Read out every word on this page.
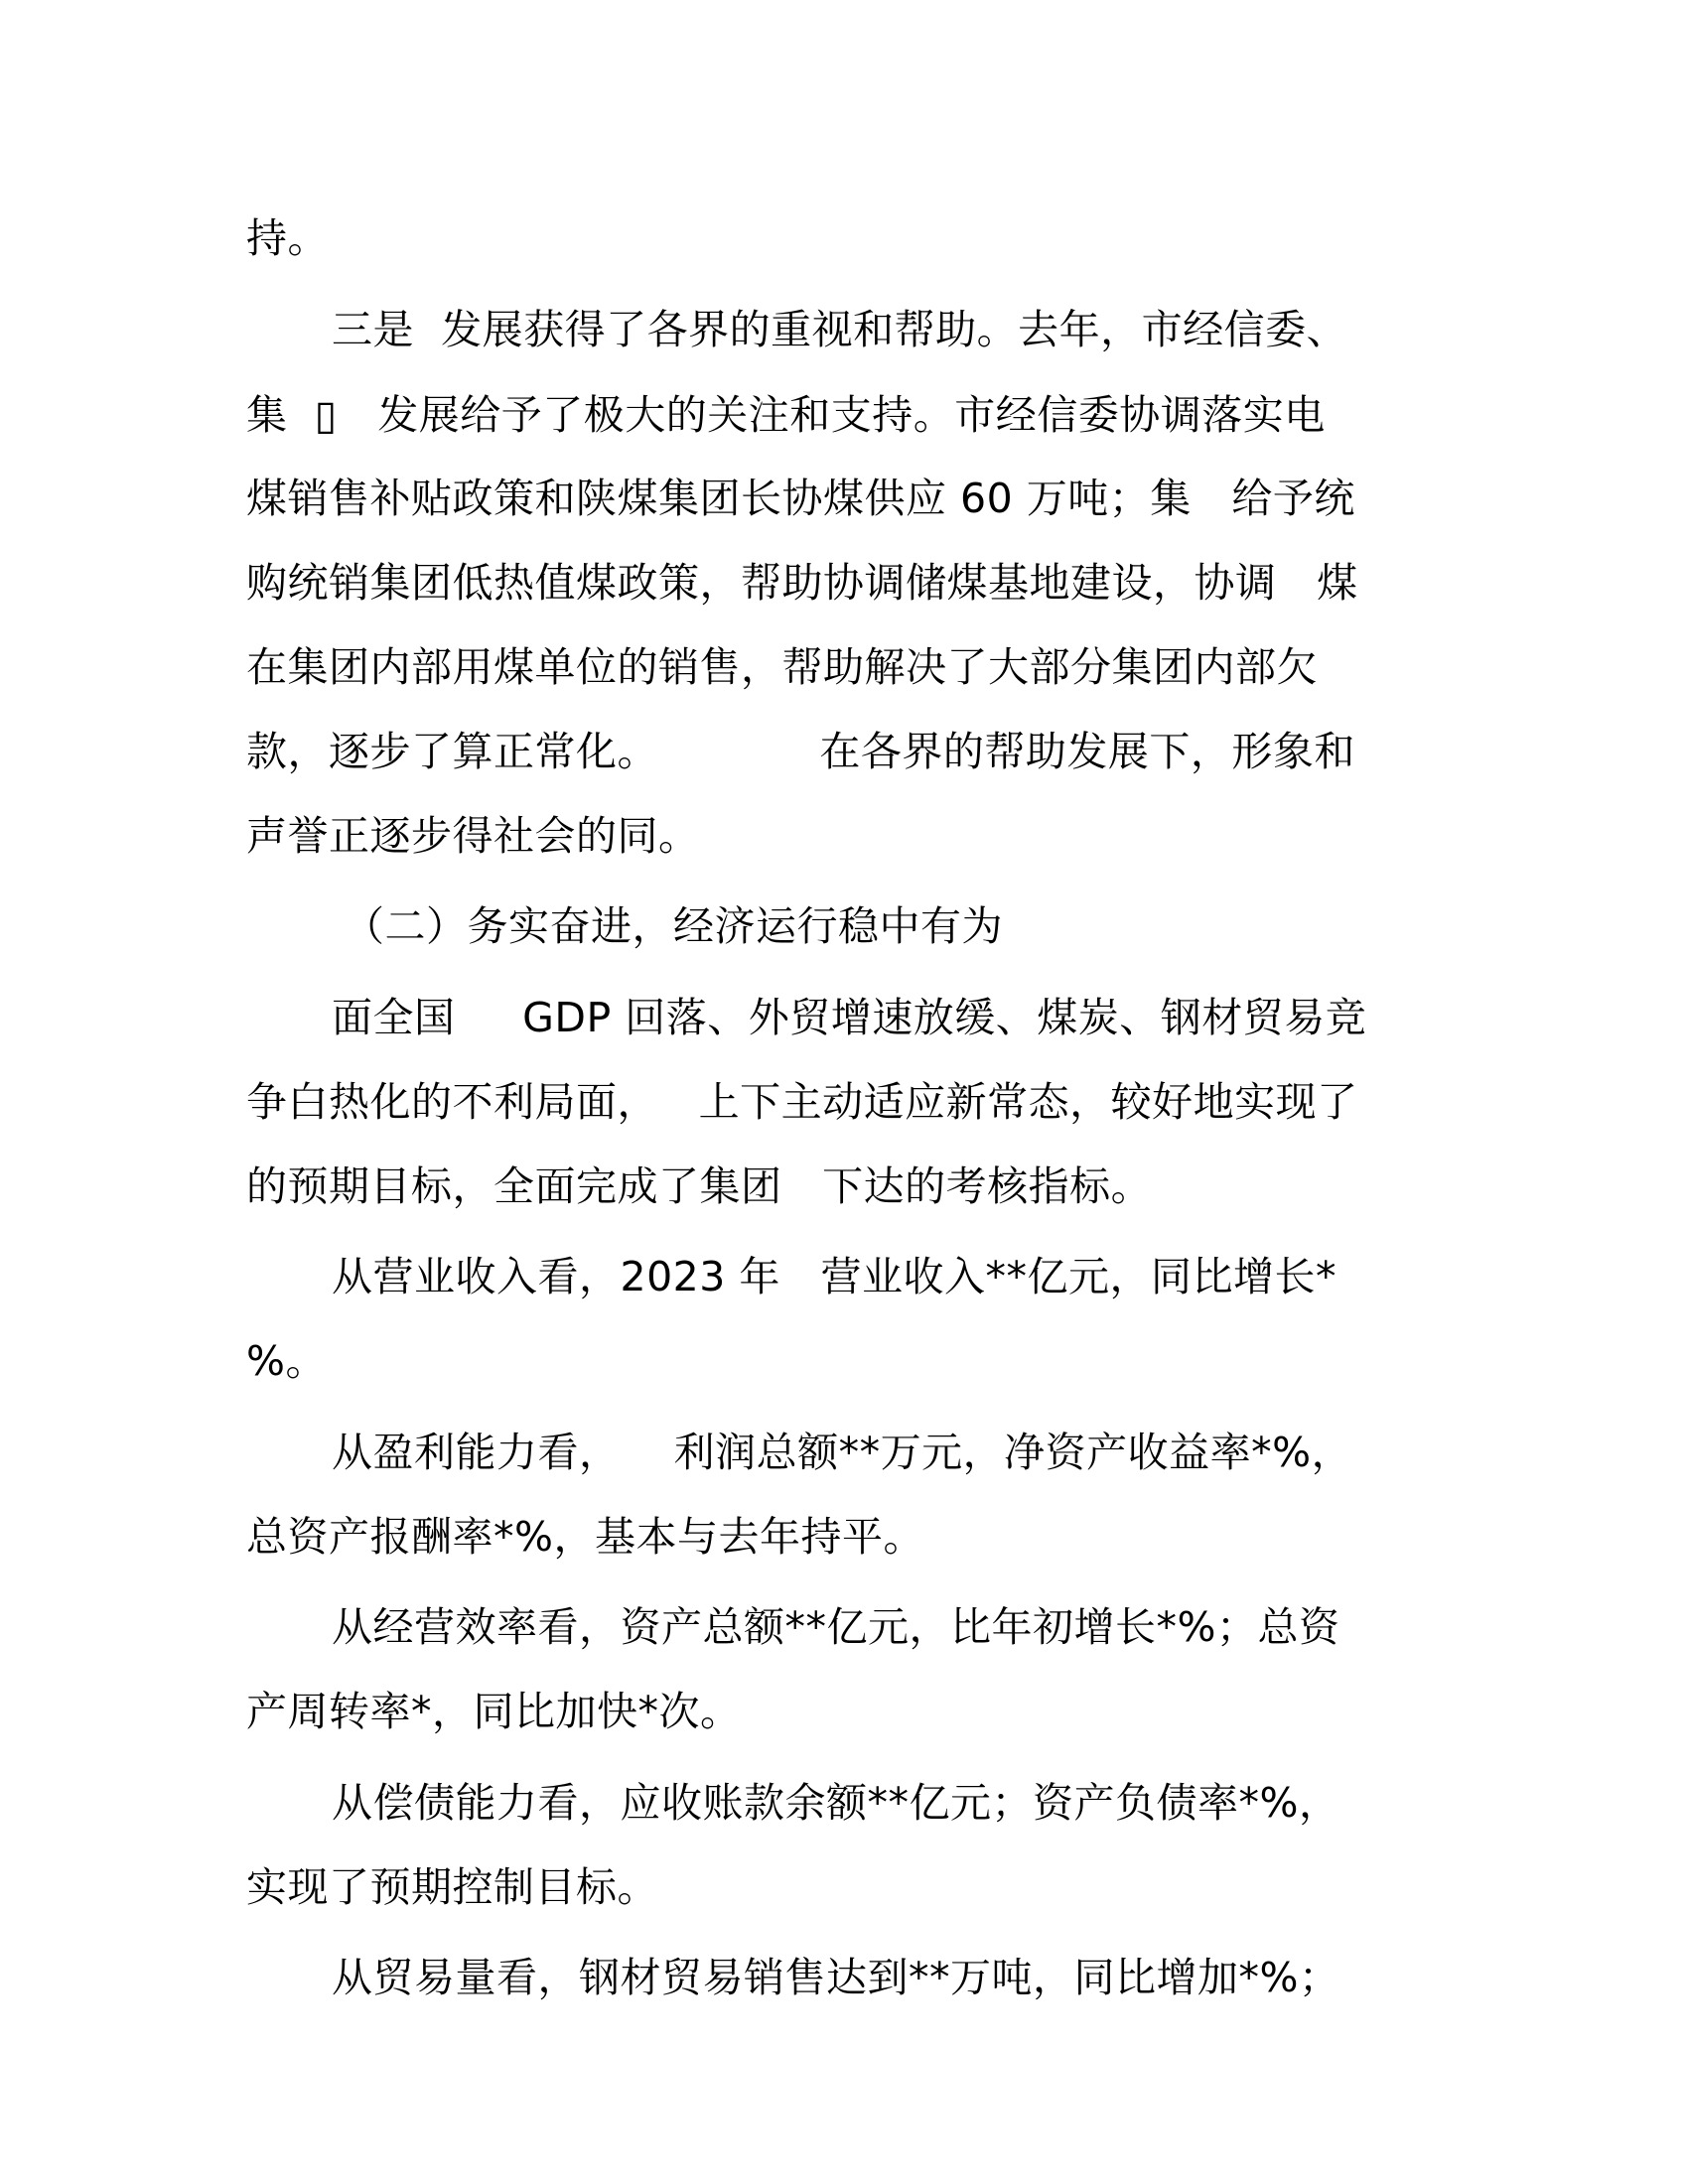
持。
三是  发展获得了各界的重视和帮助。去年，市经信委、
集  ▯   发展给予了极大的关注和支持。市经信委协调落实电
煤销售补贴政策和陕煤集团长协煤供应 60 万吨；集   给予统
购统销集团低热值煤政策，帮助协调储煤基地建设，协调   煤
在集团内部用煤单位的销售，帮助解决了大部分集团内部欠
款，逐步了算正常化。            在各界的帮助发展下，形象和
声誉正逐步得社会的同。
（二）务实奋进，经济运行稳中有为
面全国     GDP 回落、外贸增速放缓、煤炭、钢材贸易竞
争白热化的不利局面，   上下主动适应新常态，较好地实现了
的预期目标，全面完成了集团   下达的考核指标。
从营业收入看，2023 年   营业收入**亿元，同比增长*
%。
从盈利能力看，    利润总额**万元，净资产收益率*%，
总资产报酬率*%，基本与去年持平。
从经营效率看，资产总额**亿元，比年初增长*%；总资
产周转率*，同比加快*次。
从偿债能力看，应收账款余额**亿元；资产负债率*%，
实现了预期控制目标。
从贸易量看，钢材贸易销售达到**万吨，同比增加*%；
